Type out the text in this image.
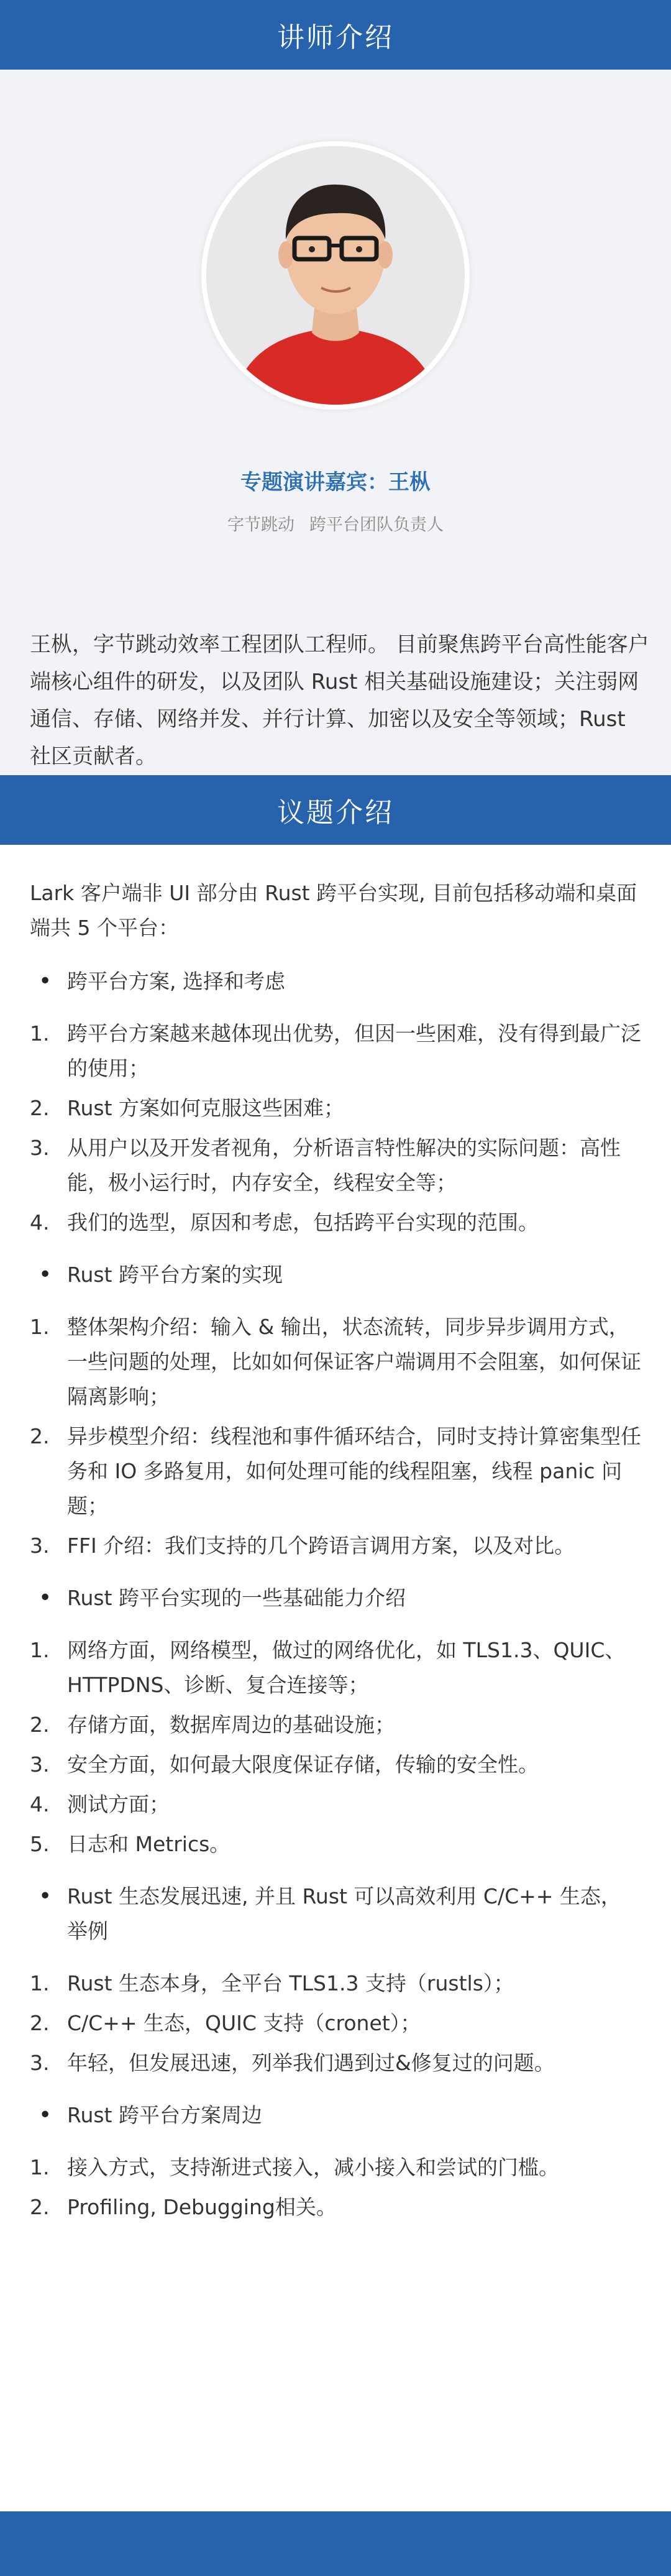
讲师介绍
专题演讲嘉宾：王枞
字节跳动 跨平台团队负责人
王枞，字节跳动效率工程团队工程师。 目前聚焦跨平台高性能客户端核心组件的研发，以及团队 Rust 相关基础设施建设；关注弱网通信、存储、网络并发、并行计算、加密以及安全等领域；Rust 社区贡献者。
议题介绍
Lark 客户端非 UI 部分由 Rust 跨平台实现, 目前包括移动端和桌面端共 5 个平台：
• 跨平台方案, 选择和考虑
1. 跨平台方案越来越体现出优势，但因一些困难，没有得到最广泛的使用；
2. Rust 方案如何克服这些困难；
3. 从用户以及开发者视角，分析语言特性解决的实际问题：高性能，极小运行时，内存安全，线程安全等；
4. 我们的选型，原因和考虑，包括跨平台实现的范围。
• Rust 跨平台方案的实现
1. 整体架构介绍：输入 & 输出，状态流转，同步异步调用方式，一些问题的处理，比如如何保证客户端调用不会阻塞，如何保证隔离影响；
2. 异步模型介绍：线程池和事件循环结合，同时支持计算密集型任务和 IO 多路复用，如何处理可能的线程阻塞，线程 panic 问题；
3. FFI 介绍：我们支持的几个跨语言调用方案，以及对比。
• Rust 跨平台实现的一些基础能力介绍
1. 网络方面，网络模型，做过的网络优化，如 TLS1.3、QUIC、HTTPDNS、诊断、复合连接等；
2. 存储方面，数据库周边的基础设施；
3. 安全方面，如何最大限度保证存储，传输的安全性。
4. 测试方面；
5. 日志和 Metrics。
• Rust 生态发展迅速, 并且 Rust 可以高效利用 C/C++ 生态，举例
1. Rust 生态本身，全平台 TLS1.3 支持（rustls）；
2. C/C++ 生态，QUIC 支持（cronet）；
3. 年轻，但发展迅速，列举我们遇到过&修复过的问题。
• Rust 跨平台方案周边
1. 接入方式，支持渐进式接入，减小接入和尝试的门槛。
2. Profiling, Debugging相关。
